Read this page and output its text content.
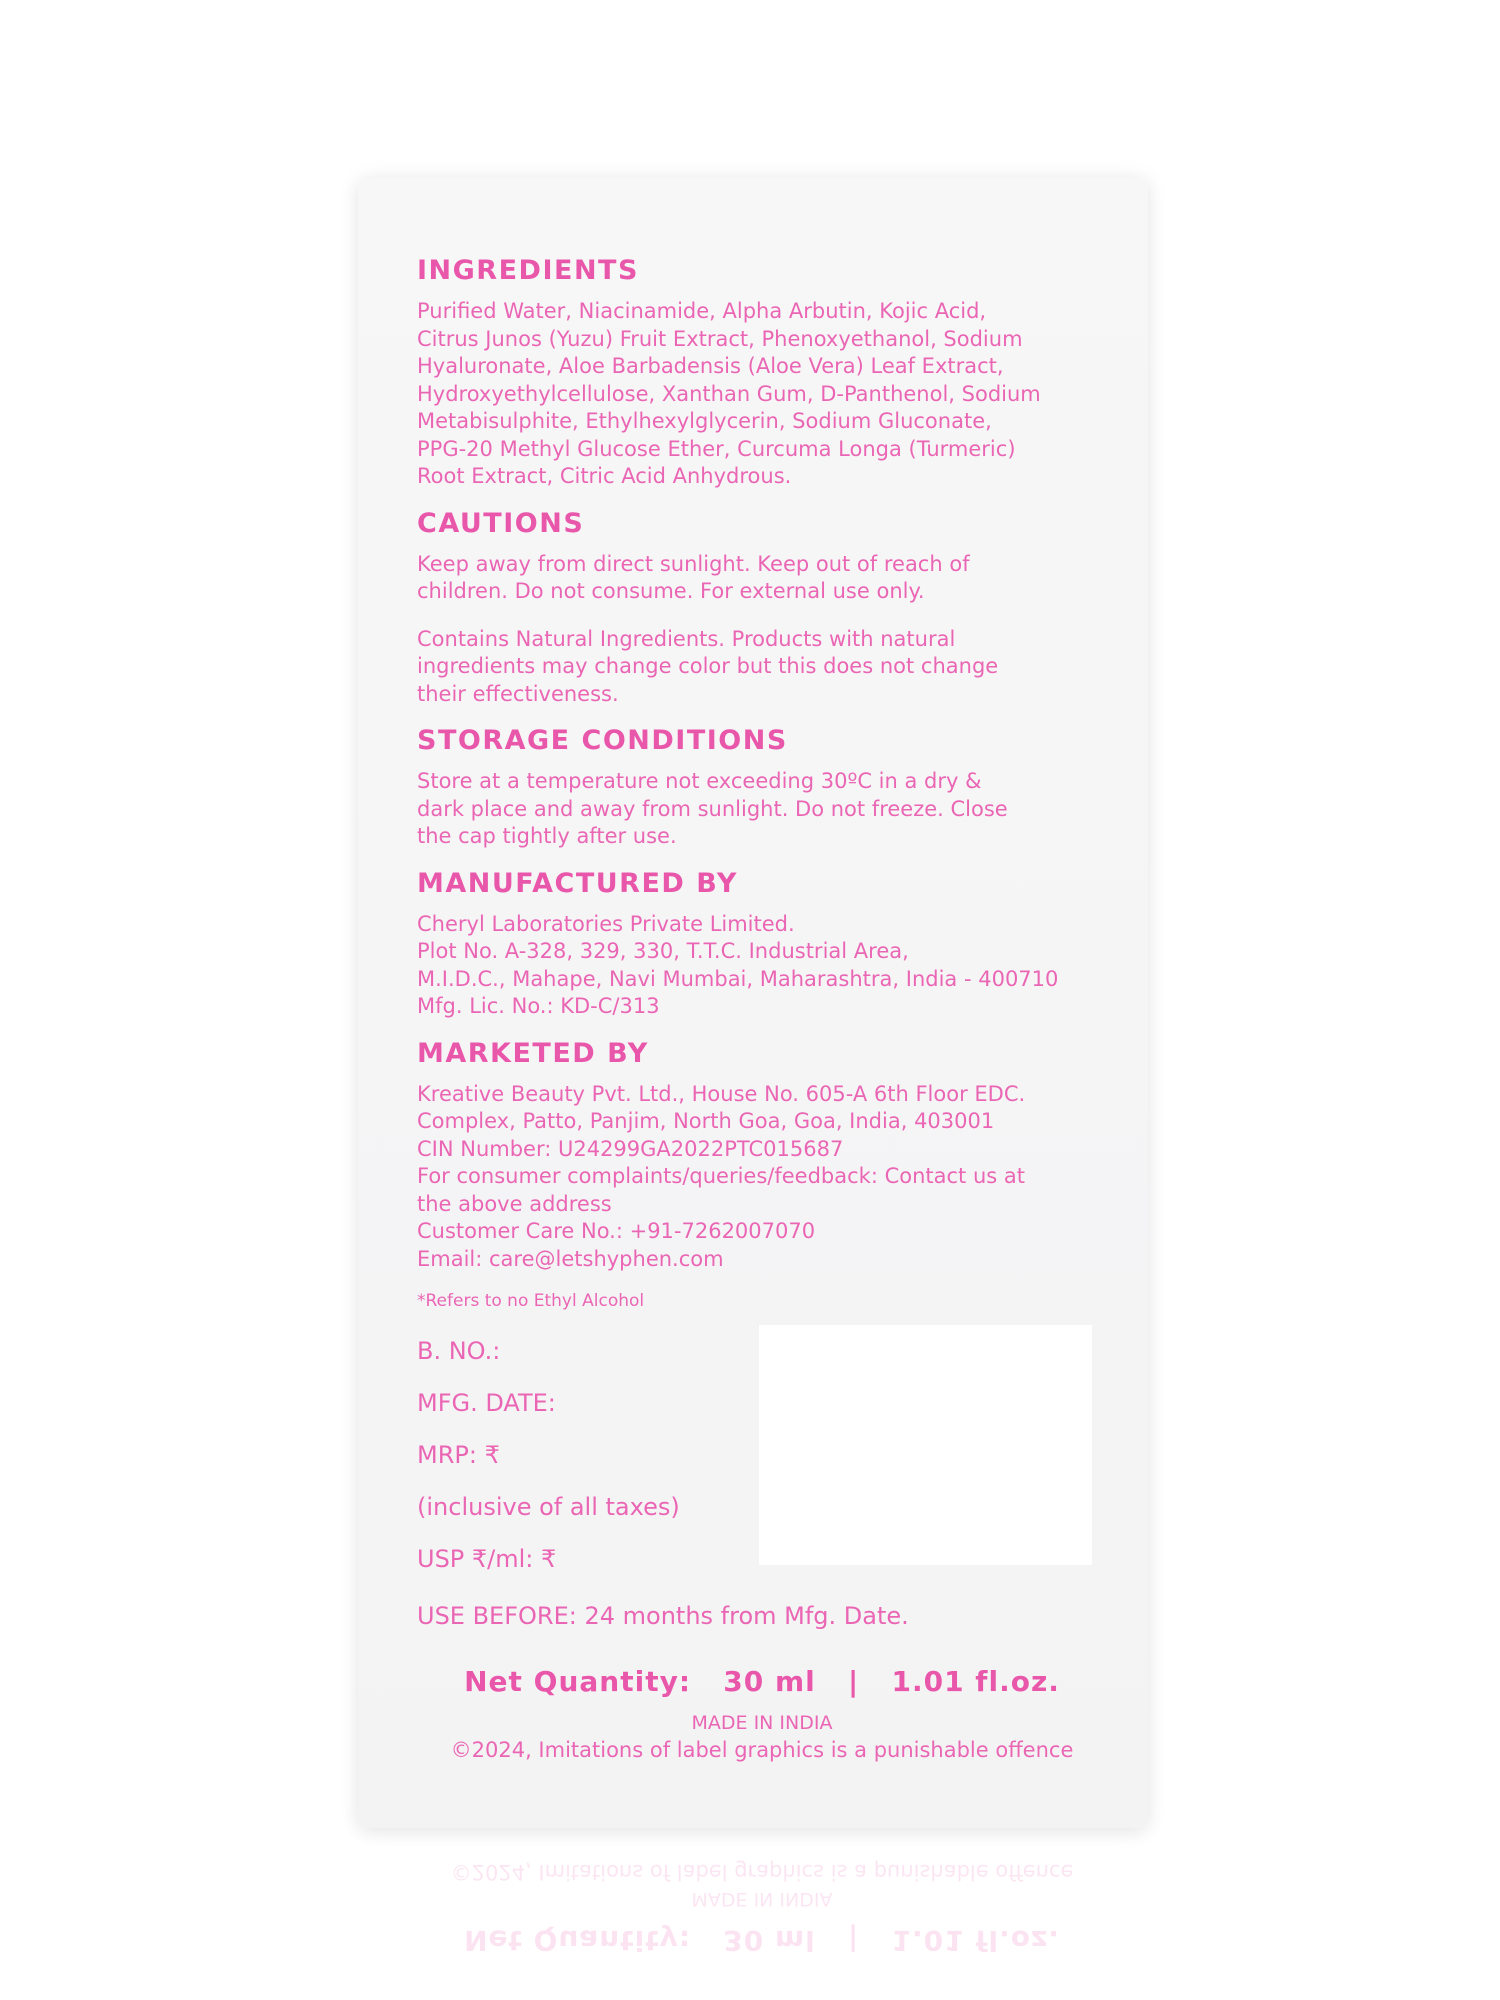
INGREDIENTS

Purified Water, Niacinamide, Alpha Arbutin, Kojic Acid,
Citrus Junos (Yuzu) Fruit Extract, Phenoxyethanol, Sodium
Hyaluronate, Aloe Barbadensis (Aloe Vera) Leaf Extract,
Hydroxyethylcellulose, Xanthan Gum, D-Panthenol, Sodium
Metabisulphite, Ethylhexylglycerin, Sodium Gluconate,
PPG-20 Methyl Glucose Ether, Curcuma Longa (Turmeric)
Root Extract, Citric Acid Anhydrous.

CAUTIONS

Keep away from direct sunlight. Keep out of reach of
children. Do not consume. For external use only.

Contains Natural Ingredients. Products with natural
ingredients may change color but this does not change
their effectiveness.

STORAGE CONDITIONS

Store at a temperature not exceeding 30ºC in a dry &
dark place and away from sunlight. Do not freeze. Close
the cap tightly after use.

MANUFACTURED BY

Cheryl Laboratories Private Limited.
Plot No. A-328, 329, 330, T.T.C. Industrial Area,
M.I.D.C., Mahape, Navi Mumbai, Maharashtra, India - 400710
Mfg. Lic. No.: KD-C/313

MARKETED BY

Kreative Beauty Pvt. Ltd., House No. 605-A 6th Floor EDC.
Complex, Patto, Panjim, North Goa, Goa, India, 403001
CIN Number: U24299GA2022PTC015687
For consumer complaints/queries/feedback: Contact us at
the above address
Customer Care No.: +91-7262007070
Email: care@letshyphen.com

*Refers to no Ethyl Alcohol

B. NO.:
MFG. DATE:
MRP: ₹
(inclusive of all taxes)
USP ₹/ml: ₹
USE BEFORE: 24 months from Mfg. Date.
Net Quantity:   30 ml   |   1.01 fl.oz.
MADE IN INDIA
©2024, Imitations of label graphics is a punishable offence
Net Quantity:   30 ml   |   1.01 fl.oz.
MADE IN INDIA
©2024, Imitations of label graphics is a punishable offence
